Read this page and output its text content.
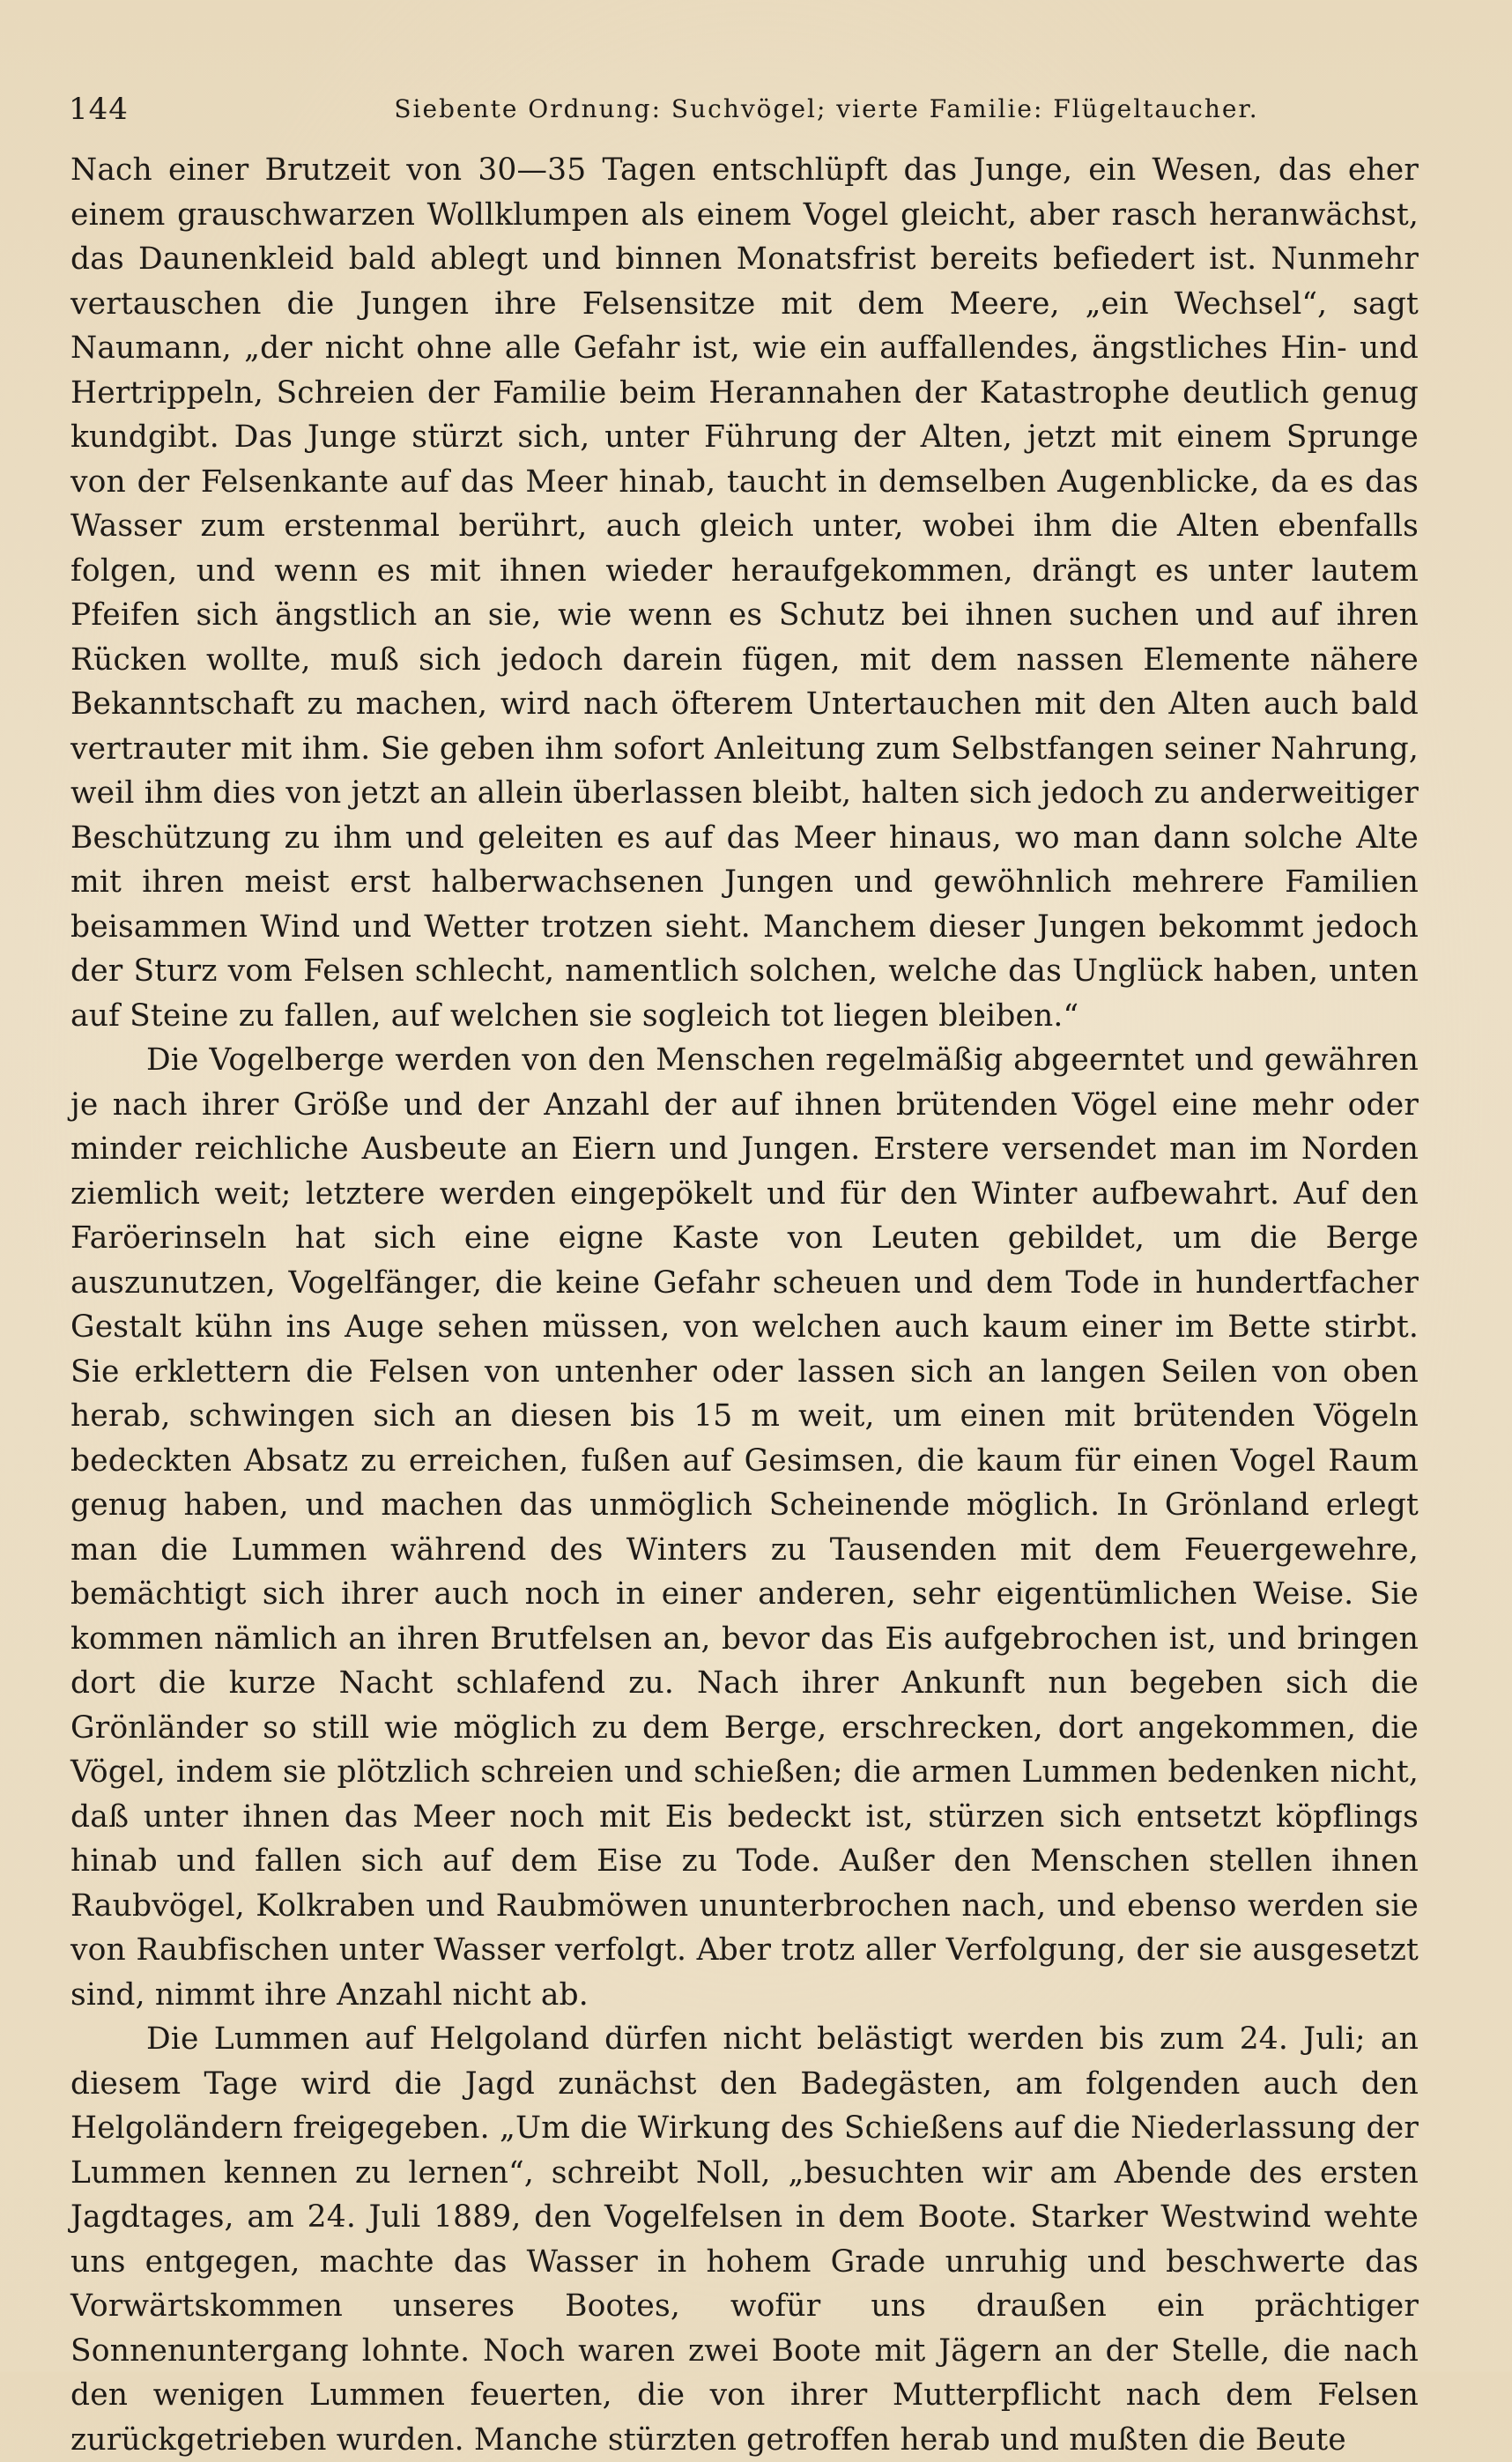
144	Siebente Ordnung: Suchvögel; vierte Familie: Flügeltaucher.

Nach einer Brutzeit von 30—35 Tagen entschlüpft das Junge, ein Wesen, das eher einem grauschwarzen Wollklumpen als einem Vogel gleicht, aber rasch heranwächst, das Daunenkleid bald ablegt und binnen Monatsfrist bereits befiedert ist. Nunmehr vertauschen die Jungen ihre Felsensitze mit dem Meere, „ein Wechsel“, sagt Naumann, „der nicht ohne alle Gefahr ist, wie ein auffallendes, ängstliches Hin- und Hertrippeln, Schreien der Familie beim Herannahen der Katastrophe deutlich genug kundgibt. Das Junge stürzt sich, unter Führung der Alten, jetzt mit einem Sprunge von der Felsenkante auf das Meer hinab, taucht in demselben Augenblicke, da es das Wasser zum erstenmal berührt, auch gleich unter, wobei ihm die Alten ebenfalls folgen, und wenn es mit ihnen wieder heraufgekommen, drängt es unter lautem Pfeifen sich ängstlich an sie, wie wenn es Schutz bei ihnen suchen und auf ihren Rücken wollte, muß sich jedoch darein fügen, mit dem nassen Elemente nähere Bekanntschaft zu machen, wird nach öfterem Untertauchen mit den Alten auch bald vertrauter mit ihm. Sie geben ihm sofort Anleitung zum Selbstfangen seiner Nahrung, weil ihm dies von jetzt an allein überlassen bleibt, halten sich jedoch zu anderweitiger Beschützung zu ihm und geleiten es auf das Meer hinaus, wo man dann solche Alte mit ihren meist erst halberwachsenen Jungen und gewöhnlich mehrere Familien beisammen Wind und Wetter trotzen sieht. Manchem dieser Jungen bekommt jedoch der Sturz vom Felsen schlecht, namentlich solchen, welche das Unglück haben, unten auf Steine zu fallen, auf welchen sie sogleich tot liegen bleiben.“

Die Vogelberge werden von den Menschen regelmäßig abgeerntet und gewähren je nach ihrer Größe und der Anzahl der auf ihnen brütenden Vögel eine mehr oder minder reichliche Ausbeute an Eiern und Jungen. Erstere versendet man im Norden ziemlich weit; letztere werden eingepökelt und für den Winter aufbewahrt. Auf den Faröerinseln hat sich eine eigne Kaste von Leuten gebildet, um die Berge auszunutzen, Vogelfänger, die keine Gefahr scheuen und dem Tode in hundertfacher Gestalt kühn ins Auge sehen müssen, von welchen auch kaum einer im Bette stirbt. Sie erklettern die Felsen von untenher oder lassen sich an langen Seilen von oben herab, schwingen sich an diesen bis 15 m weit, um einen mit brütenden Vögeln bedeckten Absatz zu erreichen, fußen auf Gesimsen, die kaum für einen Vogel Raum genug haben, und machen das unmöglich Scheinende möglich. In Grönland erlegt man die Lummen während des Winters zu Tausenden mit dem Feuergewehre, bemächtigt sich ihrer auch noch in einer anderen, sehr eigentümlichen Weise. Sie kommen nämlich an ihren Brutfelsen an, bevor das Eis aufgebrochen ist, und bringen dort die kurze Nacht schlafend zu. Nach ihrer Ankunft nun begeben sich die Grönländer so still wie möglich zu dem Berge, erschrecken, dort angekommen, die Vögel, indem sie plötzlich schreien und schießen; die armen Lummen bedenken nicht, daß unter ihnen das Meer noch mit Eis bedeckt ist, stürzen sich entsetzt köpflings hinab und fallen sich auf dem Eise zu Tode. Außer den Menschen stellen ihnen Raubvögel, Kolkraben und Raubmöwen ununterbrochen nach, und ebenso werden sie von Raubfischen unter Wasser verfolgt. Aber trotz aller Verfolgung, der sie ausgesetzt sind, nimmt ihre Anzahl nicht ab.

Die Lummen auf Helgoland dürfen nicht belästigt werden bis zum 24. Juli; an diesem Tage wird die Jagd zunächst den Badegästen, am folgenden auch den Helgoländern freigegeben. „Um die Wirkung des Schießens auf die Niederlassung der Lummen kennen zu lernen“, schreibt Noll, „besuchten wir am Abende des ersten Jagdtages, am 24. Juli 1889, den Vogelfelsen in dem Boote. Starker Westwind wehte uns entgegen, machte das Wasser in hohem Grade unruhig und beschwerte das Vorwärtskommen unseres Bootes, wofür uns draußen ein prächtiger Sonnenuntergang lohnte. Noch waren zwei Boote mit Jägern an der Stelle, die nach den wenigen Lummen feuerten, die von ihrer Mutterpflicht nach dem Felsen zurückgetrieben wurden. Manche stürzten getroffen herab und mußten die Beute
